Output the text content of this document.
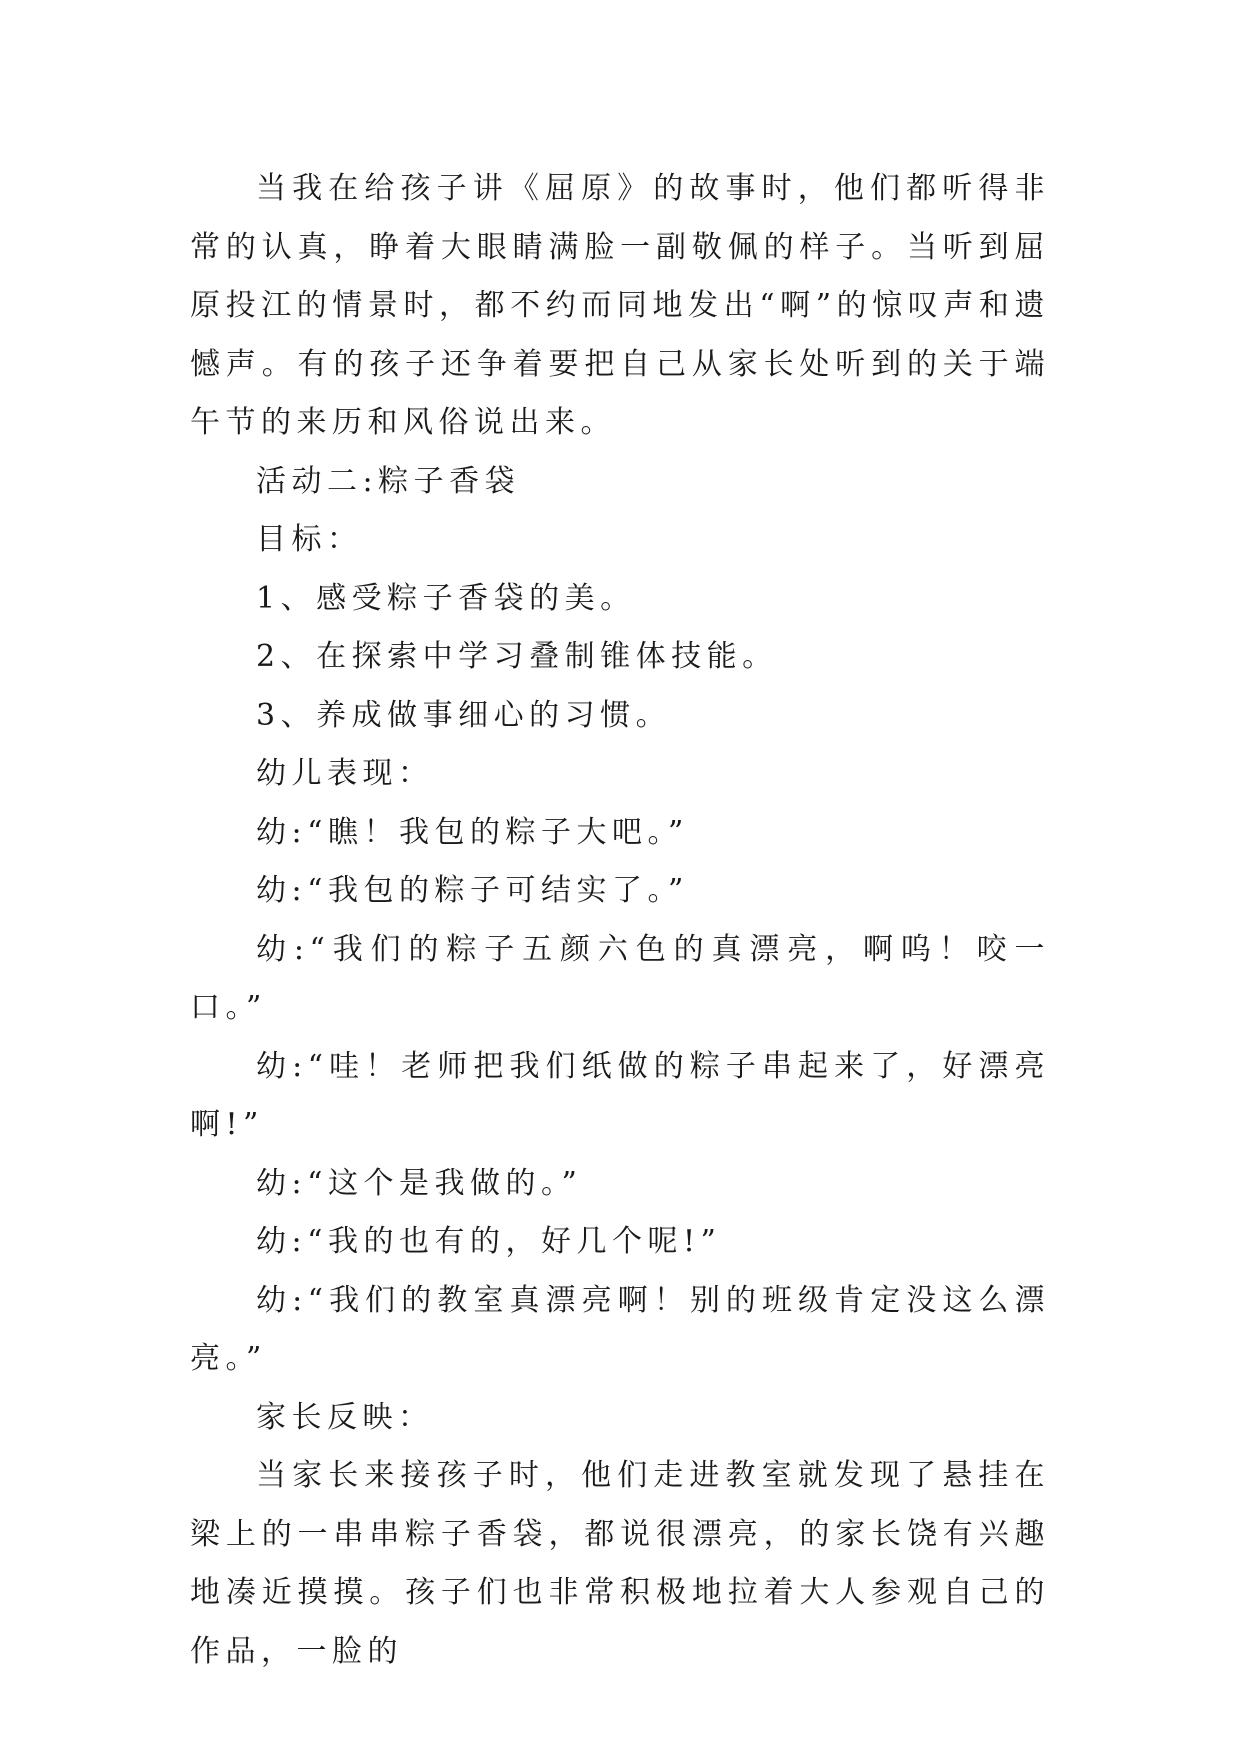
当我在给孩子讲《屈原》的故事时，他们都听得非常的认真，睁着大眼睛满脸一副敬佩的样子。当听到屈原投江的情景时，都不约而同地发出“啊”的惊叹声和遗憾声。有的孩子还争着要把自己从家长处听到的关于端午节的来历和风俗说出来。

活动二:粽子香袋

目标：

1、感受粽子香袋的美。

2、在探索中学习叠制锥体技能。

3、养成做事细心的习惯。

幼儿表现：

幼:“瞧！我包的粽子大吧。”

幼:“我包的粽子可结实了。”

幼:“我们的粽子五颜六色的真漂亮，啊呜！咬一口。”

幼:“哇！老师把我们纸做的粽子串起来了，好漂亮啊!”

幼:“这个是我做的。”

幼:“我的也有的，好几个呢!”

幼:“我们的教室真漂亮啊！别的班级肯定没这么漂亮。”

家长反映：

当家长来接孩子时，他们走进教室就发现了悬挂在梁上的一串串粽子香袋，都说很漂亮，的家长饶有兴趣地凑近摸摸。孩子们也非常积极地拉着大人参观自己的作品，一脸的
